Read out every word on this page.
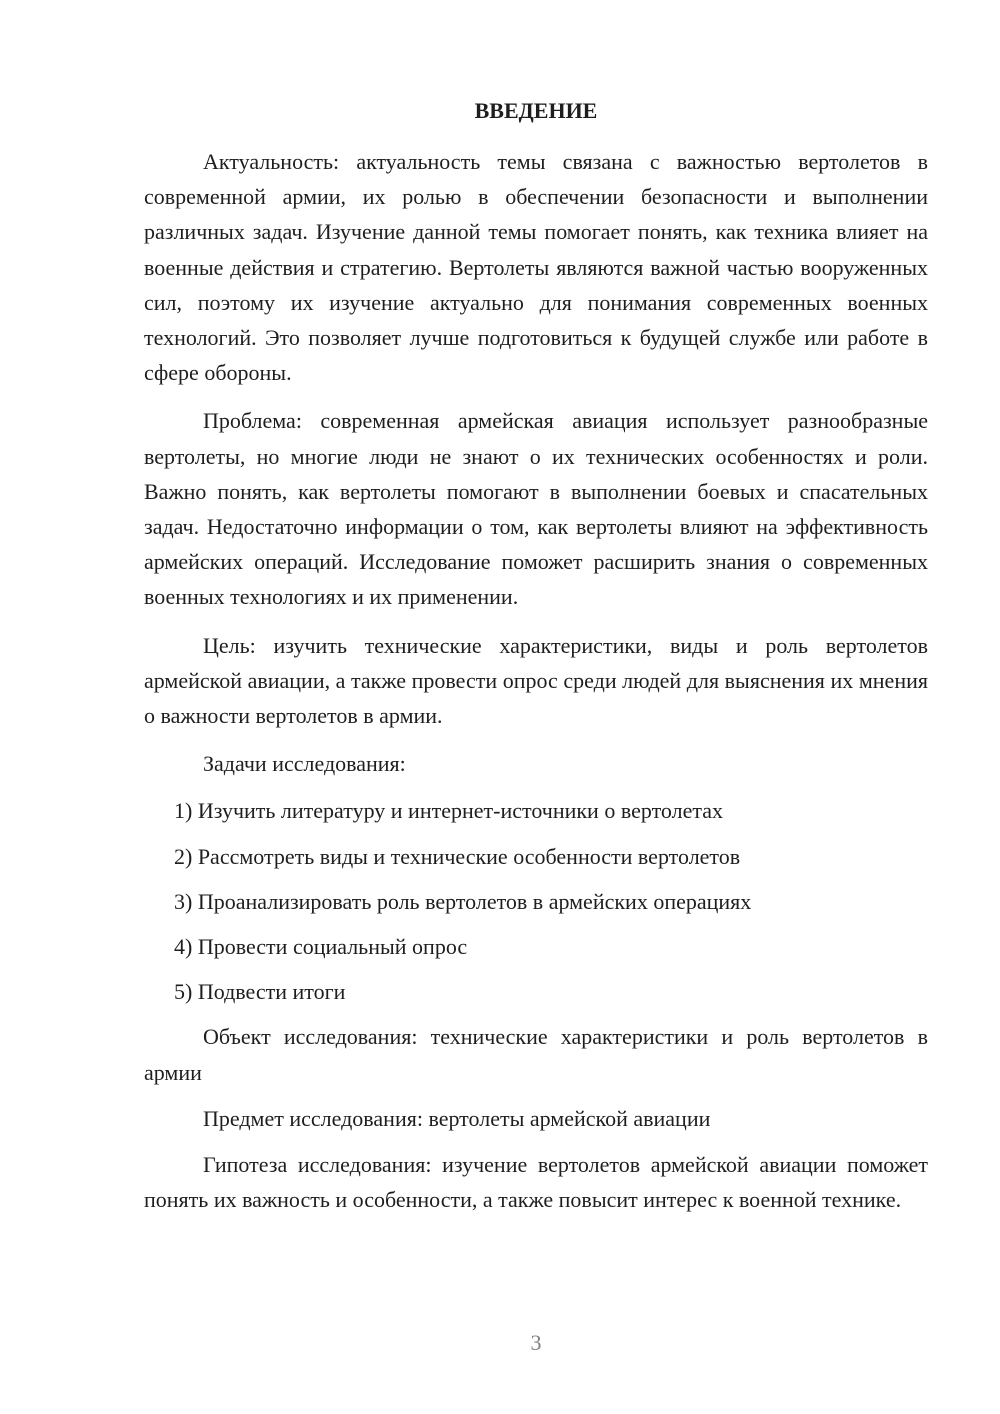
ВВЕДЕНИЕ

Актуальность: актуальность темы связана с важностью вертолетов в современной армии, их ролью в обеспечении безопасности и выполнении различных задач. Изучение данной темы помогает понять, как техника влияет на военные действия и стратегию. Вертолеты являются важной частью вооруженных сил, поэтому их изучение актуально для понимания современных военных технологий. Это позволяет лучше подготовиться к будущей службе или работе в сфере обороны.

Проблема: современная армейская авиация использует разнообразные вертолеты, но многие люди не знают о их технических особенностях и роли. Важно понять, как вертолеты помогают в выполнении боевых и спасательных задач. Недостаточно информации о том, как вертолеты влияют на эффективность армейских операций. Исследование поможет расширить знания о современных военных технологиях и их применении.

Цель: изучить технические характеристики, виды и роль вертолетов армейской авиации, а также провести опрос среди людей для выяснения их мнения о важности вертолетов в армии.

Задачи исследования:

1) Изучить литературу и интернет-источники о вертолетах
2) Рассмотреть виды и технические особенности вертолетов
3) Проанализировать роль вертолетов в армейских операциях
4) Провести социальный опрос
5) Подвести итоги

Объект исследования: технические характеристики и роль вертолетов в армии

Предмет исследования: вертолеты армейской авиации

Гипотеза исследования: изучение вертолетов армейской авиации поможет понять их важность и особенности, а также повысит интерес к военной технике.

3
